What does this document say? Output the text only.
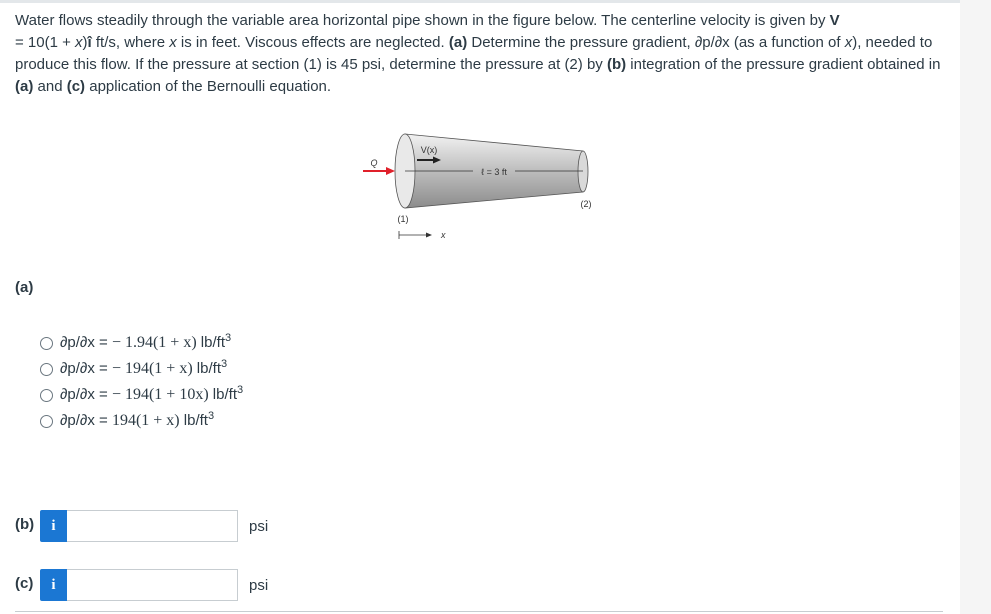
Water flows steadily through the variable area horizontal pipe shown in the figure below. The centerline velocity is given by V
= 10(1 + x)î ft/s, where x is in feet. Viscous effects are neglected. (a) Determine the pressure gradient, ∂p/∂x (as a function of x), needed to produce this flow. If the pressure at section (1) is 45 psi, determine the pressure at (2) by (b) integration of the pressure gradient obtained in (a) and (c) application of the Bernoulli equation.

Q
V(x)
ℓ = 3 ft
(1)
(2)
x
(a)
∂p/∂x = − 1.94(1 + x) $lb/ft^3$
∂p/∂x = − 194(1 + x) $lb/ft^3$
∂p/∂x = − 194(1 + 10x) $lb/ft^3$
∂p/∂x = 194(1 + x) $lb/ft^3$
(b)	i	psi
(c)	i	psi
